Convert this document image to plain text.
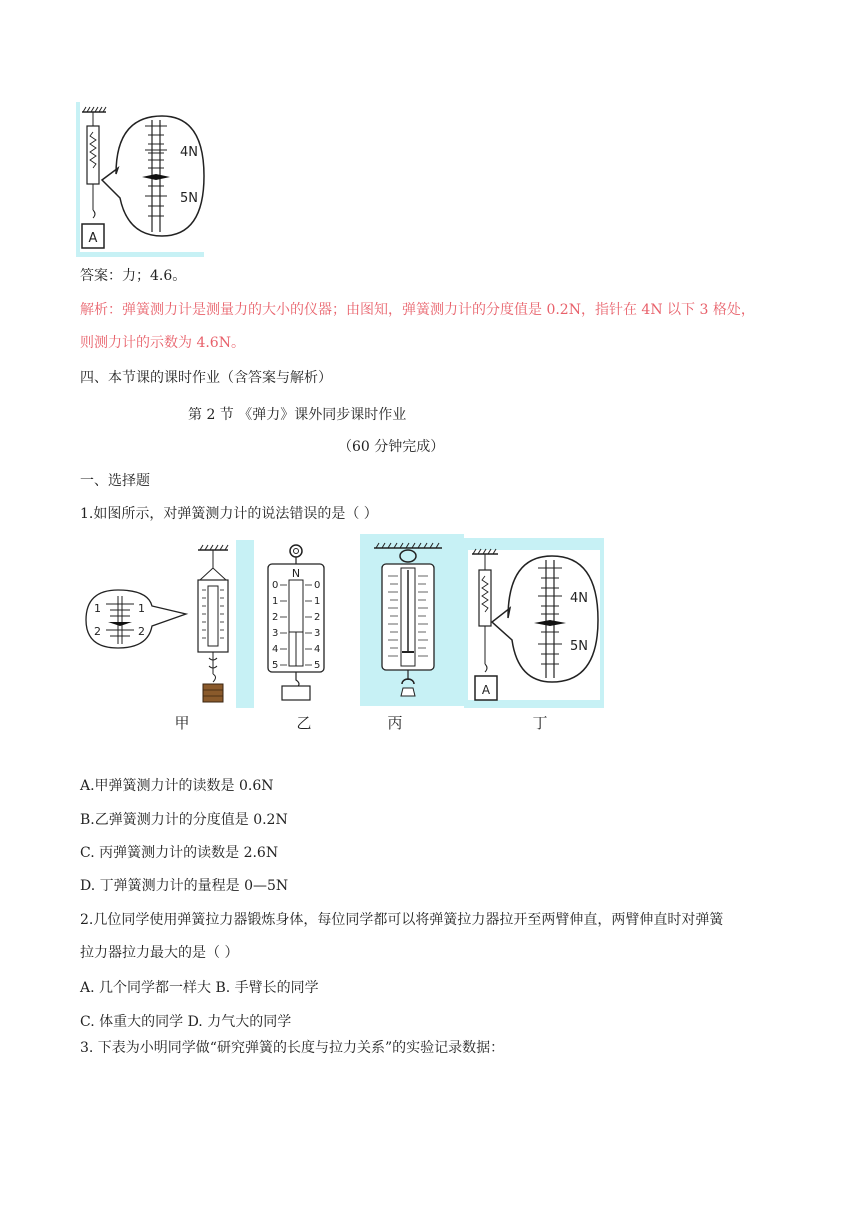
A
4N
5N
答案：力；4.6。
解析：弹簧测力计是测量力的大小的仪器；由图知，弹簧测力计的分度值是 0.2N，指针在 4N 以下 3 格处，
则测力计的示数为 4.6N。
四、本节课的课时作业（含答案与解析）
第 2 节 《弹力》课外同步课时作业
（60 分钟完成）
一、选择题
1.如图所示，对弹簧测力计的说法错误的是（ ）
1
2
1
2
N
0
1
2
3
4
5
0
1
2
3
4
5
A
4N
5N
甲	乙	丙	丁
A.甲弹簧测力计的读数是 0.6N
B.乙弹簧测力计的分度值是 0.2N
C. 丙弹簧测力计的读数是 2.6N
D. 丁弹簧测力计的量程是 0—5N
2.几位同学使用弹簧拉力器锻炼身体，每位同学都可以将弹簧拉力器拉开至两臂伸直，两臂伸直时对弹簧
拉力器拉力最大的是（ ）
A. 几个同学都一样大 B. 手臂长的同学
C. 体重大的同学 D. 力气大的同学
3. 下表为小明同学做“研究弹簧的长度与拉力关系”的实验记录数据：
